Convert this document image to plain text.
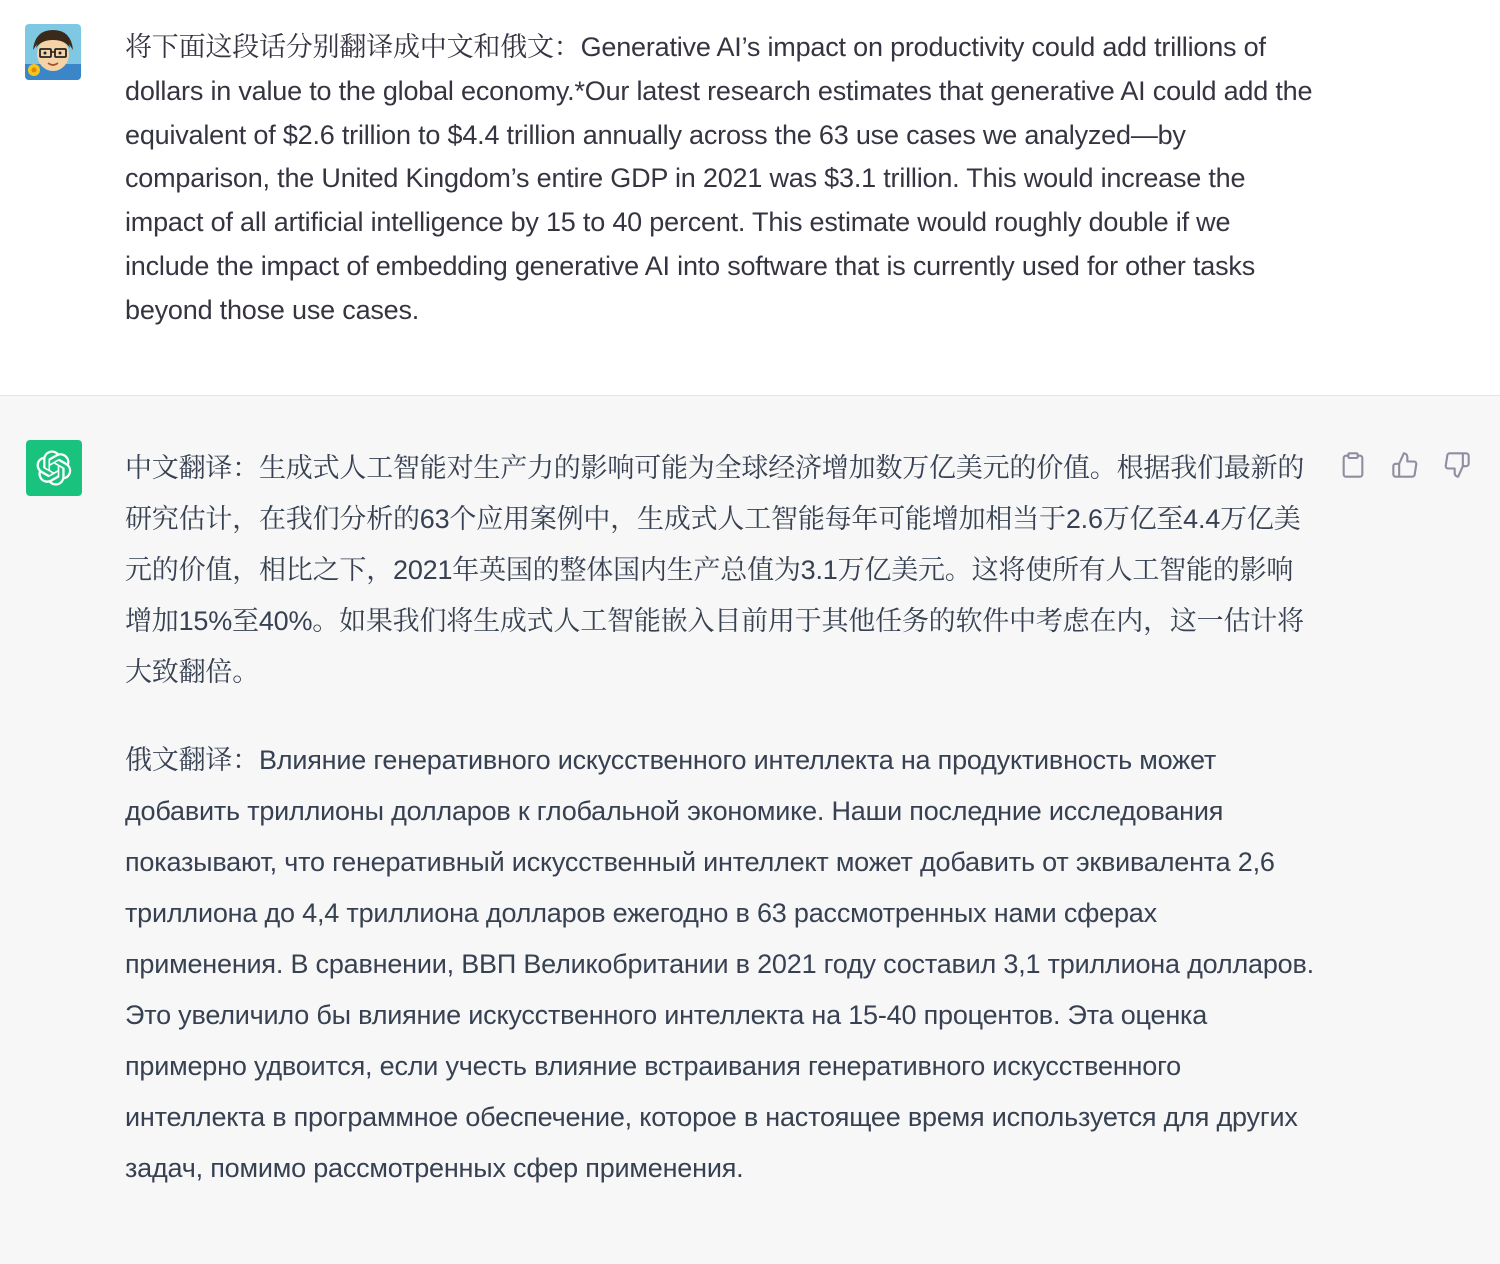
将下面这段话分别翻译成中文和俄文：Generative AI’s impact on productivity could add trillions of dollars in value to the global economy.*Our latest research estimates that generative AI could add the equivalent of $2.6 trillion to $4.4 trillion annually across the 63 use cases we analyzed—by comparison, the United Kingdom’s entire GDP in 2021 was $3.1 trillion. This would increase the impact of all artificial intelligence by 15 to 40 percent. This estimate would roughly double if we include the impact of embedding generative AI into software that is currently used for other tasks beyond those use cases.
中文翻译：生成式人工智能对生产力的影响可能为全球经济增加数万亿美元的价值。根据我们最新的研究估计，在我们分析的63个应用案例中，生成式人工智能每年可能增加相当于2.6万亿至4.4万亿美元的价值，相比之下，2021年英国的整体国内生产总值为3.1万亿美元。这将使所有人工智能的影响增加15%至40%。如果我们将生成式人工智能嵌入目前用于其他任务的软件中考虑在内，这一估计将大致翻倍。
俄文翻译：Влияние генеративного искусственного интеллекта на продуктивность может добавить триллионы долларов к глобальной экономике. Наши последние исследования показывают, что генеративный искусственный интеллект может добавить от эквивалента 2,6 триллиона до 4,4 триллиона долларов ежегодно в 63 рассмотренных нами сферах применения. В сравнении, ВВП Великобритании в 2021 году составил 3,1 триллиона долларов. Это увеличило бы влияние искусственного интеллекта на 15-40 процентов. Эта оценка примерно удвоится, если учесть влияние встраивания генеративного искусственного интеллекта в программное обеспечение, которое в настоящее время используется для других задач, помимо рассмотренных сфер применения.
